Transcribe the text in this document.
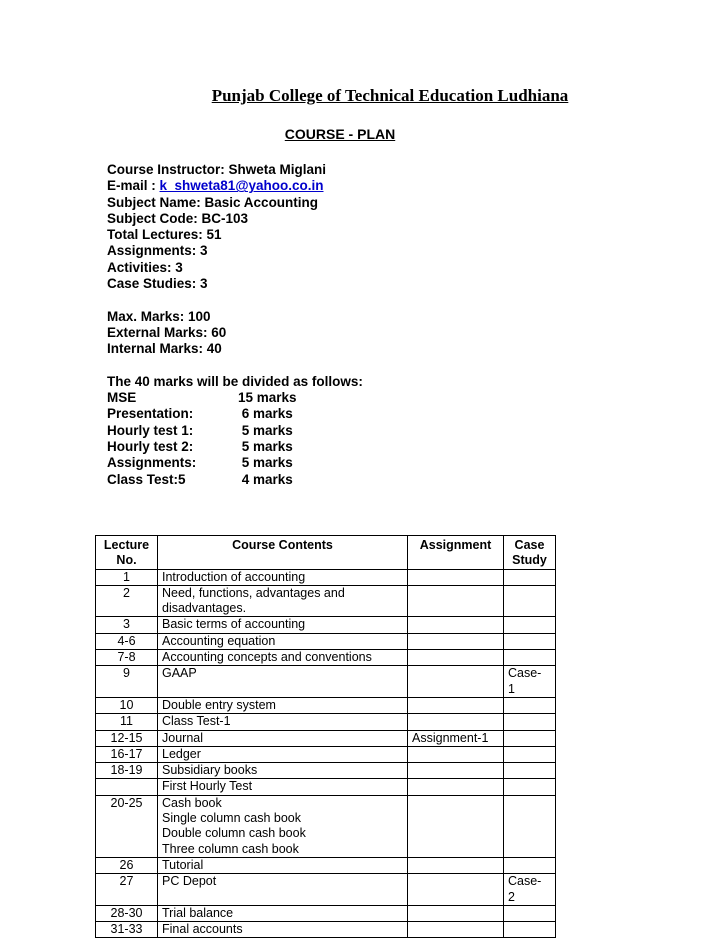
Punjab College of Technical Education Ludhiana
COURSE - PLAN
Course Instructor: Shweta Miglani
E-mail : k_shweta81@yahoo.co.in
Subject Name: Basic Accounting
Subject Code: BC-103
Total Lectures: 51
Assignments: 3
Activities: 3
Case Studies: 3
Max. Marks: 100
External Marks: 60
Internal Marks: 40
The 40 marks will be divided as follows:
MSE	15 marks
Presentation:	6 marks
Hourly test 1:	5 marks
Hourly test 2:	5 marks
Assignments:	5 marks
Class Test:5	4 marks
Lecture
No.	Course Contents	Assignment	Case
Study
1	Introduction of accounting		
2	Need, functions, advantages and
disadvantages.		
3	Basic terms of accounting		
4-6	Accounting equation		
7-8	Accounting concepts and conventions		
9	GAAP		Case-
1
10	Double entry system		
11	Class Test-1		
12-15	Journal	Assignment-1	
16-17	Ledger		
18-19	Subsidiary books		
	First Hourly Test		
20-25	Cash book
Single column cash book
Double column cash book
Three column cash book		
26	Tutorial		
27	PC Depot		Case-
2
28-30	Trial balance		
31-33	Final accounts		
